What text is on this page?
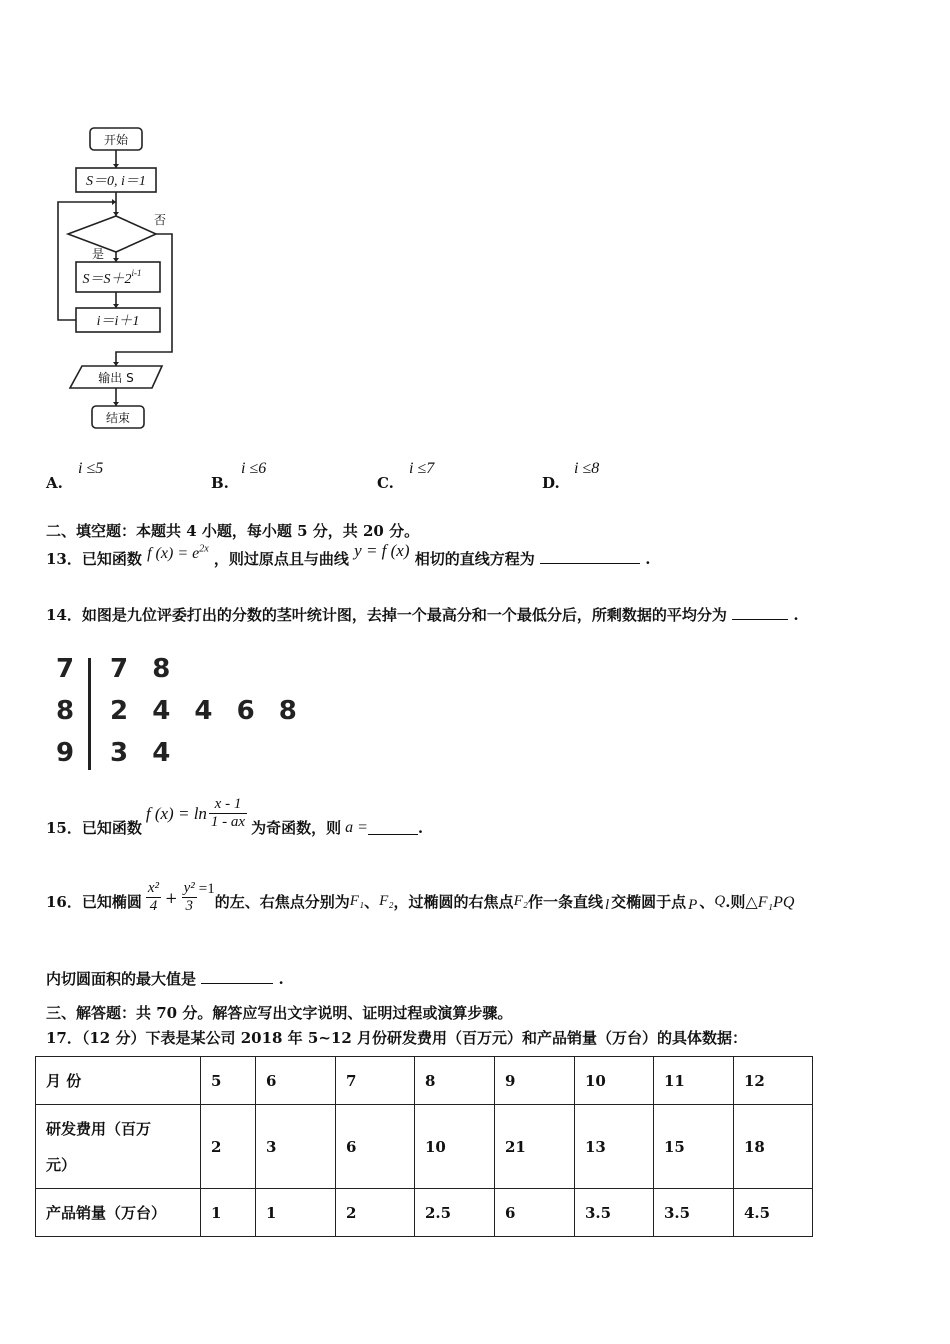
开始
S＝0, i＝1
否
是
$S=S+2^{i-1}$
i＝i＋1
输出 S
结束
A.
i ≤5
B.
i ≤6
C.
i ≤7
D.
i ≤8
二、填空题：本题共 4 小题，每小题 5 分，共 20 分。
13．已知函数 f $(x) = e^{2x}$ ，则过原点且与曲线 y = f (x) 相切的直线方程为	.
14．如图是九位评委打出的分数的茎叶统计图，去掉一个最高分和一个最低分后，所剩数据的平均分为	.
7 7  8
8 2  4  4  6  8
9 3  4
15．已知函数
f $(x) = \ln \frac{x - 1}{1 - ax}$ 为奇函数，则 a =	.
16．已知椭圆 $\frac{\text{x²}}{4} + \frac{\text{y²}}{3} =1$
的左、右焦点分别为 F₁ 、 F₂ ，过椭圆的右焦点 F₂ 作一条直线 l 交椭圆于点 P 、 Q .则 △F₁PQ
内切圆面积的最大值是	.
三、解答题：共 70 分。解答应写出文字说明、证明过程或演算步骤。
17．（12 分）下表是某公司 2018 年 5~12 月份研发费用（百万元）和产品销量（万台）的具体数据：
月 份	5	6	7	8	9	10	11	12
研发费用（百万
元）	2	3	6	10	21	13	15	18
产品销量（万台）	1	1	2	2.5	6	3.5	3.5	4.5
